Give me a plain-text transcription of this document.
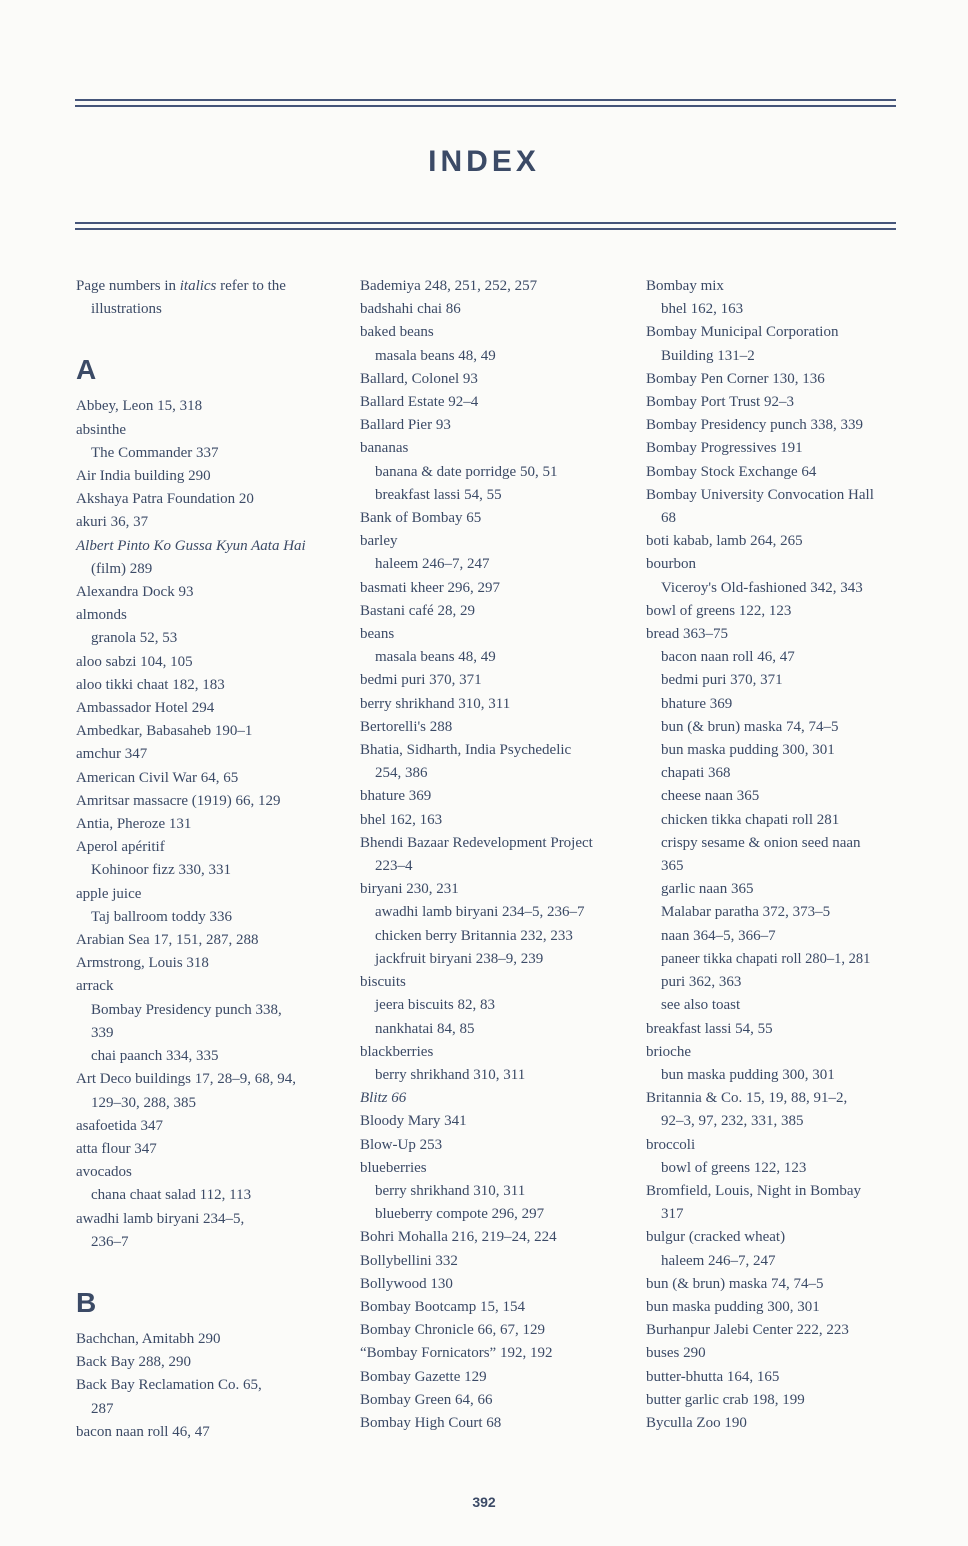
INDEX
Page numbers in italics refer to the
illustrations
A
Abbey, Leon 15, 318
absinthe
The Commander 337
Air India building 290
Akshaya Patra Foundation 20
akuri 36, 37
Albert Pinto Ko Gussa Kyun Aata Hai
(film) 289
Alexandra Dock 93
almonds
granola 52, 53
aloo sabzi 104, 105
aloo tikki chaat 182, 183
Ambassador Hotel 294
Ambedkar, Babasaheb 190–1
amchur 347
American Civil War 64, 65
Amritsar massacre (1919) 66, 129
Antia, Pheroze 131
Aperol apéritif
Kohinoor fizz 330, 331
apple juice
Taj ballroom toddy 336
Arabian Sea 17, 151, 287, 288
Armstrong, Louis 318
arrack
Bombay Presidency punch 338,
339
chai paanch 334, 335
Art Deco buildings 17, 28–9, 68, 94,
129–30, 288, 385
asafoetida 347
atta flour 347
avocados
chana chaat salad 112, 113
awadhi lamb biryani 234–5,
236–7
B
Bachchan, Amitabh 290
Back Bay 288, 290
Back Bay Reclamation Co. 65,
287
bacon naan roll 46, 47
Bademiya 248, 251, 252, 257
badshahi chai 86
baked beans
masala beans 48, 49
Ballard, Colonel 93
Ballard Estate 92–4
Ballard Pier 93
bananas
banana & date porridge 50, 51
breakfast lassi 54, 55
Bank of Bombay 65
barley
haleem 246–7, 247
basmati kheer 296, 297
Bastani café 28, 29
beans
masala beans 48, 49
bedmi puri 370, 371
berry shrikhand 310, 311
Bertorelli's 288
Bhatia, Sidharth, India Psychedelic
254, 386
bhature 369
bhel 162, 163
Bhendi Bazaar Redevelopment Project
223–4
biryani 230, 231
awadhi lamb biryani 234–5, 236–7
chicken berry Britannia 232, 233
jackfruit biryani 238–9, 239
biscuits
jeera biscuits 82, 83
nankhatai 84, 85
blackberries
berry shrikhand 310, 311
Blitz 66
Bloody Mary 341
Blow-Up 253
blueberries
berry shrikhand 310, 311
blueberry compote 296, 297
Bohri Mohalla 216, 219–24, 224
Bollybellini 332
Bollywood 130
Bombay Bootcamp 15, 154
Bombay Chronicle 66, 67, 129
“Bombay Fornicators” 192, 192
Bombay Gazette 129
Bombay Green 64, 66
Bombay High Court 68
Bombay mix
bhel 162, 163
Bombay Municipal Corporation
Building 131–2
Bombay Pen Corner 130, 136
Bombay Port Trust 92–3
Bombay Presidency punch 338, 339
Bombay Progressives 191
Bombay Stock Exchange 64
Bombay University Convocation Hall
68
boti kabab, lamb 264, 265
bourbon
Viceroy's Old-fashioned 342, 343
bowl of greens 122, 123
bread 363–75
bacon naan roll 46, 47
bedmi puri 370, 371
bhature 369
bun (& brun) maska 74, 74–5
bun maska pudding 300, 301
chapati 368
cheese naan 365
chicken tikka chapati roll 281
crispy sesame & onion seed naan
365
garlic naan 365
Malabar paratha 372, 373–5
naan 364–5, 366–7
paneer tikka chapati roll 280–1, 281
puri 362, 363
see also toast
breakfast lassi 54, 55
brioche
bun maska pudding 300, 301
Britannia & Co. 15, 19, 88, 91–2,
92–3, 97, 232, 331, 385
broccoli
bowl of greens 122, 123
Bromfield, Louis, Night in Bombay
317
bulgur (cracked wheat)
haleem 246–7, 247
bun (& brun) maska 74, 74–5
bun maska pudding 300, 301
Burhanpur Jalebi Center 222, 223
buses 290
butter-bhutta 164, 165
butter garlic crab 198, 199
Byculla Zoo 190
392
